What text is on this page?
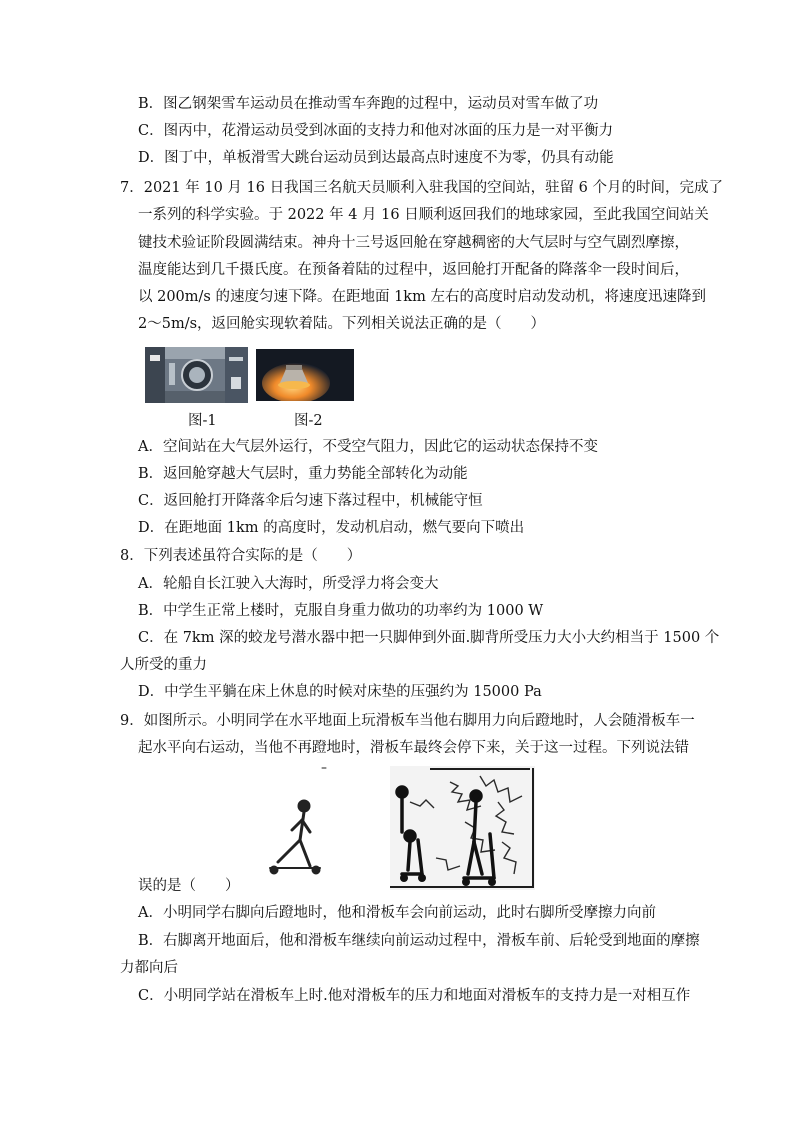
B．图乙钢架雪车运动员在推动雪车奔跑的过程中，运动员对雪车做了功
C．图丙中，花滑运动员受到冰面的支持力和他对冰面的压力是一对平衡力
D．图丁中，单板滑雪大跳台运动员到达最高点时速度不为零，仍具有动能
7．2021 年 10 月 16 日我国三名航天员顺利入驻我国的空间站，驻留 6 个月的时间，完成了
一系列的科学实验。于 2022 年 4 月 16 日顺利返回我们的地球家园，至此我国空间站关
键技术验证阶段圆满结束。神舟十三号返回舱在穿越稠密的大气层时与空气剧烈摩擦，
温度能达到几千摄氏度。在预备着陆的过程中，返回舱打开配备的降落伞一段时间后，
以 200m/s 的速度匀速下降。在距地面 1km 左右的高度时启动发动机，将速度迅速降到
2～5m/s，返回舱实现软着陆。下列相关说法正确的是（　　）
图-1	图-2
A．空间站在大气层外运行，不受空气阻力，因此它的运动状态保持不变
B．返回舱穿越大气层时，重力势能全部转化为动能
C．返回舱打开降落伞后匀速下落过程中，机械能守恒
D．在距地面 1km 的高度时，发动机启动，燃气要向下喷出
8．下列表述虽符合实际的是（　　）
A．轮船自长江驶入大海时，所受浮力将会变大
B．中学生正常上楼时，克服自身重力做功的功率约为 1000 W
C．在 7km 深的蛟龙号潜水器中把一只脚伸到外面.脚背所受压力大小大约相当于 1500 个
人所受的重力
D．中学生平躺在床上休息的时候对床垫的压强约为 15000 Pa
9．如图所示。小明同学在水平地面上玩滑板车当他右脚用力向后蹬地时，人会随滑板车一
起水平向右运动，当他不再蹬地时，滑板车最终会停下来，关于这一过程。下列说法错
误的是（　　）
A．小明同学右脚向后蹬地时，他和滑板车会向前运动，此时右脚所受摩擦力向前
B．右脚离开地面后，他和滑板车继续向前运动过程中，滑板车前、后轮受到地面的摩擦
力都向后
C．小明同学站在滑板车上时.他对滑板车的压力和地面对滑板车的支持力是一对相互作
